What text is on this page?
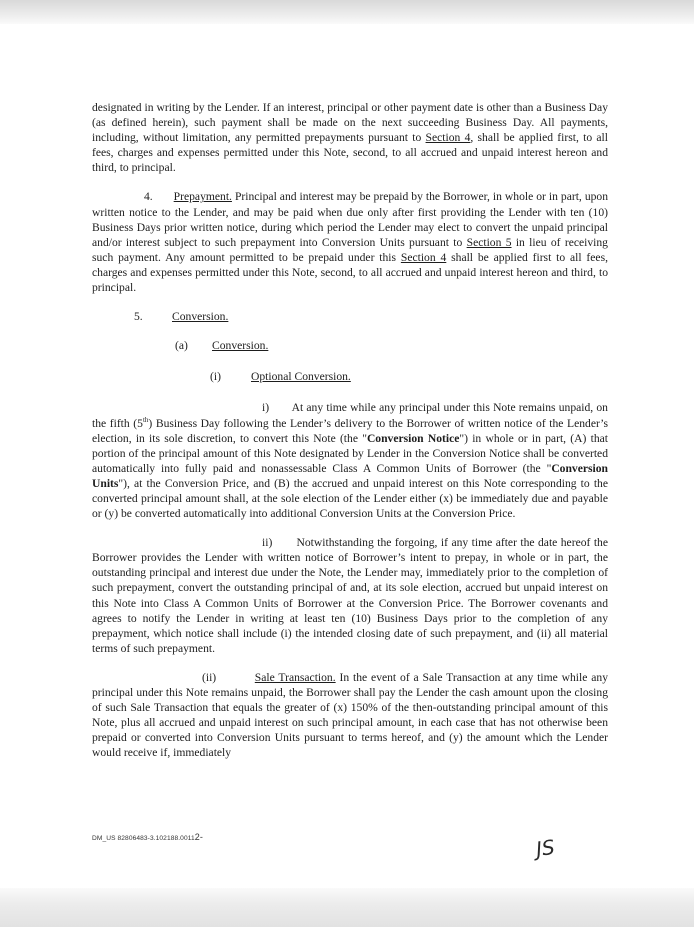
designated in writing by the Lender. If an interest, principal or other payment date is other than a Business Day (as defined herein), such payment shall be made on the next succeeding Business Day. All payments, including, without limitation, any permitted prepayments pursuant to Section 4, shall be applied first, to all fees, charges and expenses permitted under this Note, second, to all accrued and unpaid interest hereon and third, to principal.

4. Prepayment. Principal and interest may be prepaid by the Borrower, in whole or in part, upon written notice to the Lender, and may be paid when due only after first providing the Lender with ten (10) Business Days prior written notice, during which period the Lender may elect to convert the unpaid principal and/or interest subject to such prepayment into Conversion Units pursuant to Section 5 in lieu of receiving such payment. Any amount permitted to be prepaid under this Section 4 shall be applied first to all fees, charges and expenses permitted under this Note, second, to all accrued and unpaid interest hereon and third, to principal.

5.	Conversion.
(a) Conversion.
(i)	Optional Conversion.

i) At any time while any principal under this Note remains unpaid, on the fifth (5th) Business Day following the Lender’s delivery to the Borrower of written notice of the Lender’s election, in its sole discretion, to convert this Note (the "Conversion Notice") in whole or in part, (A) that portion of the principal amount of this Note designated by Lender in the Conversion Notice shall be converted automatically into fully paid and nonassessable Class A Common Units of Borrower (the "Conversion Units"), at the Conversion Price, and (B) the accrued and unpaid interest on this Note corresponding to the converted principal amount shall, at the sole election of the Lender either (x) be immediately due and payable or (y) be converted automatically into additional Conversion Units at the Conversion Price.

ii) Notwithstanding the forgoing, if any time after the date hereof the Borrower provides the Lender with written notice of Borrower’s intent to prepay, in whole or in part, the outstanding principal and interest due under the Note, the Lender may, immediately prior to the completion of such prepayment, convert the outstanding principal of and, at its sole election, accrued but unpaid interest on this Note into Class A Common Units of Borrower at the Conversion Price. The Borrower covenants and agrees to notify the Lender in writing at least ten (10) Business Days prior to the completion of any prepayment, which notice shall include (i) the intended closing date of such prepayment, and (ii) all material terms of such prepayment.

(ii)	Sale Transaction. In the event of a Sale Transaction at any time while any principal under this Note remains unpaid, the Borrower shall pay the Lender the cash amount upon the closing of such Sale Transaction that equals the greater of (x) 150% of the then-outstanding principal amount of this Note, plus all accrued and unpaid interest on such principal amount, in each case that has not otherwise been prepaid or converted into Conversion Units pursuant to terms hereof, and (y) the amount which the Lender would receive if, immediately

DM_US 82806483-3.102188.00112-	JS
